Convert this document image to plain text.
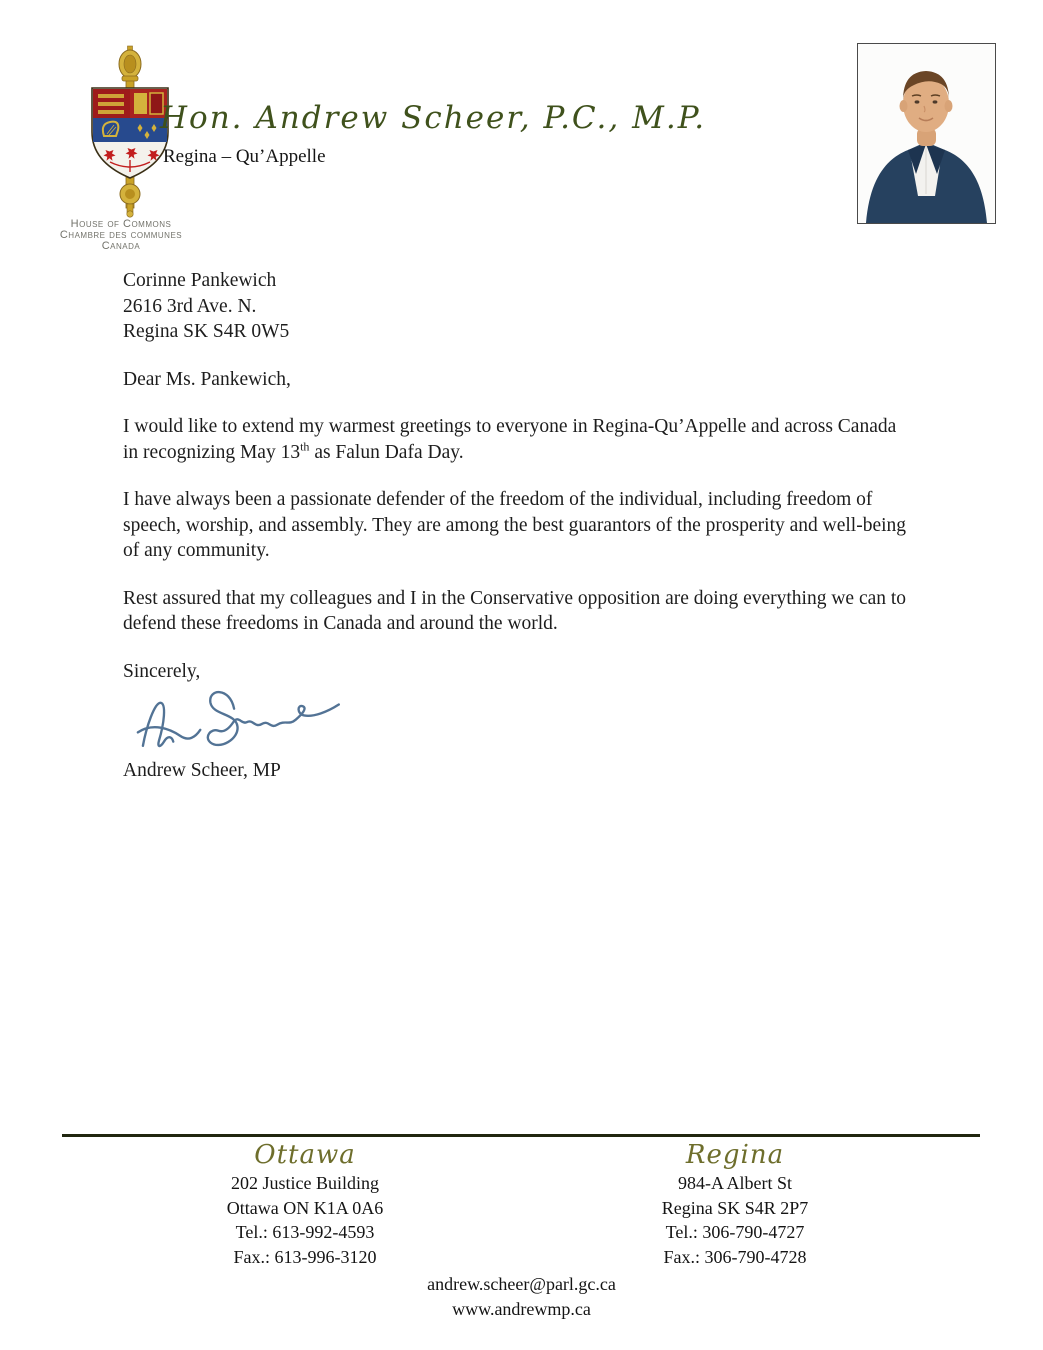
House of Commons
Chambre des communes
Canada
Hon. Andrew Scheer, P.C., M.P.
Regina – Qu’Appelle
Corinne Pankewich
2616 3rd Ave. N.
Regina SK S4R 0W5

Dear Ms. Pankewich,

I would like to extend my warmest greetings to everyone in Regina-Qu’Appelle and across Canada in recognizing May 13th as Falun Dafa Day.

I have always been a passionate defender of the freedom of the individual, including freedom of speech, worship, and assembly. They are among the best guarantors of the prosperity and well-being of any community.

Rest assured that my colleagues and I in the Conservative opposition are doing everything we can to defend these freedoms in Canada and around the world.

Sincerely,

Andrew Scheer, MP
Ottawa
202 Justice Building
Ottawa ON K1A 0A6
Tel.: 613-992-4593
Fax.: 613-996-3120
Regina
984-A Albert St
Regina SK S4R 2P7
Tel.: 306-790-4727
Fax.: 306-790-4728
andrew.scheer@parl.gc.ca
www.andrewmp.ca
